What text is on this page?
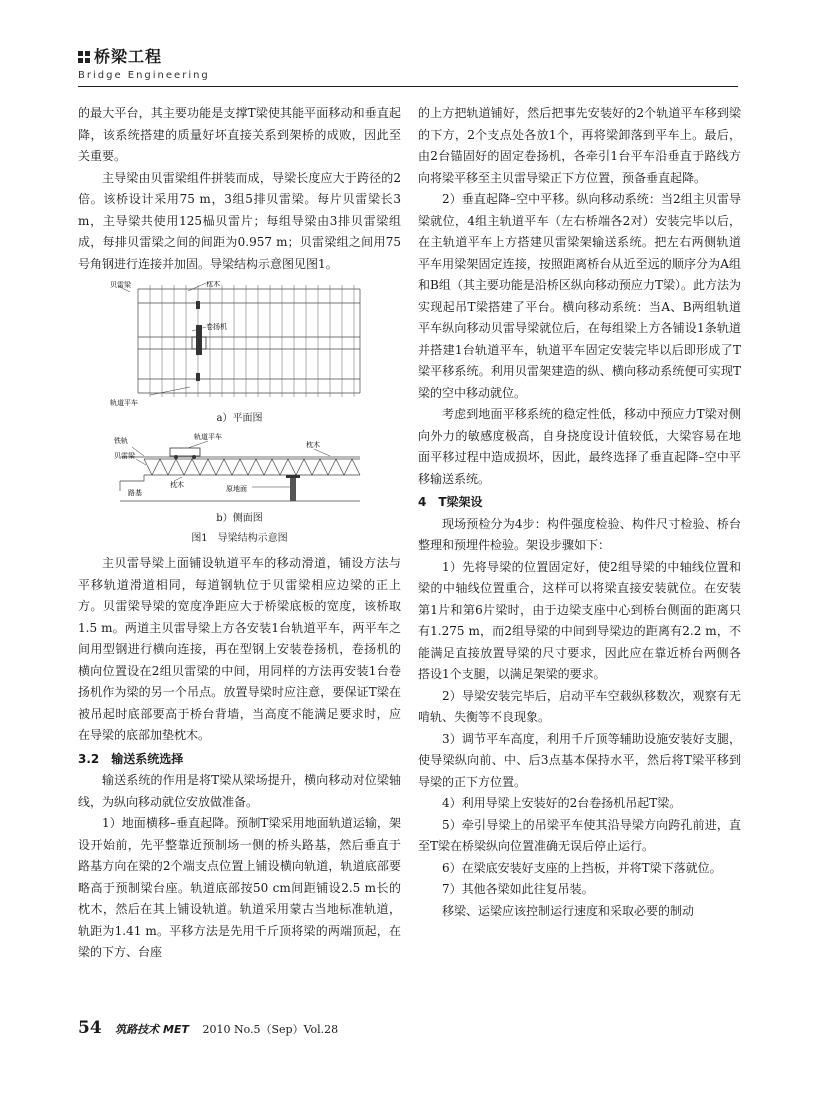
桥梁工程
Bridge Engineering

的最大平台，其主要功能是支撑T梁使其能平面移动和垂直起降，该系统搭建的质量好坏直接关系到架桥的成败，因此至关重要。

主导梁由贝雷梁组件拼装而成，导梁长度应大于跨径的2倍。该桥设计采用75 m，3组5排贝雷梁。每片贝雷梁长3 m，主导梁共使用125榀贝雷片；每组导梁由3排贝雷梁组成，每排贝雷梁之间的间距为0.957 m；贝雷梁组之间用75号角钢进行连接并加固。导梁结构示意图见图1。

贝雷梁	枕木
卷扬机
轨道平车
a）平面图
铁轨	轨道平车
贝雷梁
枕木
路基
枕木	原地面
b）侧面图
图1　导梁结构示意图

主贝雷导梁上面铺设轨道平车的移动滑道，铺设方法与平移轨道滑道相同，每道钢轨位于贝雷梁相应边梁的正上方。贝雷梁导梁的宽度净距应大于桥梁底板的宽度，该桥取1.5 m。两道主贝雷导梁上方各安装1台轨道平车，两平车之间用型钢进行横向连接，再在型钢上安装卷扬机，卷扬机的横向位置设在2组贝雷梁的中间，用同样的方法再安装1台卷扬机作为梁的另一个吊点。放置导梁时应注意，要保证T梁在被吊起时底部要高于桥台背墙，当高度不能满足要求时，应在导梁的底部加垫枕木。

3.2　输送系统选择

输送系统的作用是将T梁从梁场提升，横向移动对位梁轴线，为纵向移动就位安放做准备。

1）地面横移–垂直起降。预制T梁采用地面轨道运输，架设开始前，先平整靠近预制场一侧的桥头路基，然后垂直于路基方向在梁的2个端支点位置上铺设横向轨道，轨道底部要略高于预制梁台座。轨道底部按50 cm间距铺设2.5 m长的枕木，然后在其上铺设轨道。轨道采用蒙古当地标准轨道，轨距为1.41 m。平移方法是先用千斤顶将梁的两端顶起，在梁的下方、台座

的上方把轨道铺好，然后把事先安装好的2个轨道平车移到梁的下方，2个支点处各放1个，再将梁卸落到平车上。最后，由2台锚固好的固定卷扬机，各牵引1台平车沿垂直于路线方向将梁平移至主贝雷导梁正下方位置，预备垂直起降。

2）垂直起降–空中平移。纵向移动系统：当2组主贝雷导梁就位，4组主轨道平车（左右桥端各2对）安装完毕以后，在主轨道平车上方搭建贝雷梁架输送系统。把左右两侧轨道平车用梁架固定连接，按照距离桥台从近至远的顺序分为A组和B组（其主要功能是沿桥区纵向移动预应力T梁）。此方法为实现起吊T梁搭建了平台。横向移动系统：当A、B两组轨道平车纵向移动贝雷导梁就位后，在每组梁上方各铺设1条轨道并搭建1台轨道平车，轨道平车固定安装完毕以后即形成了T梁平移系统。利用贝雷架建造的纵、横向移动系统便可实现T梁的空中移动就位。

考虑到地面平移系统的稳定性低，移动中预应力T梁对侧向外力的敏感度极高，自身挠度设计值较低，大梁容易在地面平移过程中造成损坏，因此，最终选择了垂直起降–空中平移输送系统。

4　T梁架设

现场预检分为4步：构件强度检验、构件尺寸检验、桥台整理和预埋件检验。架设步骤如下：

1）先将导梁的位置固定好，使2组导梁的中轴线位置和梁的中轴线位置重合，这样可以将梁直接安装就位。在安装第1片和第6片梁时，由于边梁支座中心到桥台侧面的距离只有1.275 m，而2组导梁的中间到导梁边的距离有2.2 m，不能满足直接放置导梁的尺寸要求，因此应在靠近桥台两侧各搭设1个支腿，以满足架梁的要求。

2）导梁安装完毕后，启动平车空载纵移数次，观察有无啃轨、失衡等不良现象。

3）调节平车高度，利用千斤顶等辅助设施安装好支腿，使导梁纵向前、中、后3点基本保持水平，然后将T梁平移到导梁的正下方位置。

4）利用导梁上安装好的2台卷扬机吊起T梁。

5）牵引导梁上的吊梁平车使其沿导梁方向跨孔前进，直至T梁在桥梁纵向位置准确无误后停止运行。

6）在梁底安装好支座的上挡板，并将T梁下落就位。

7）其他各梁如此往复吊装。

移梁、运梁应该控制运行速度和采取必要的制动

54 筑路技术 MET 2010 No.5（Sep）Vol.28
